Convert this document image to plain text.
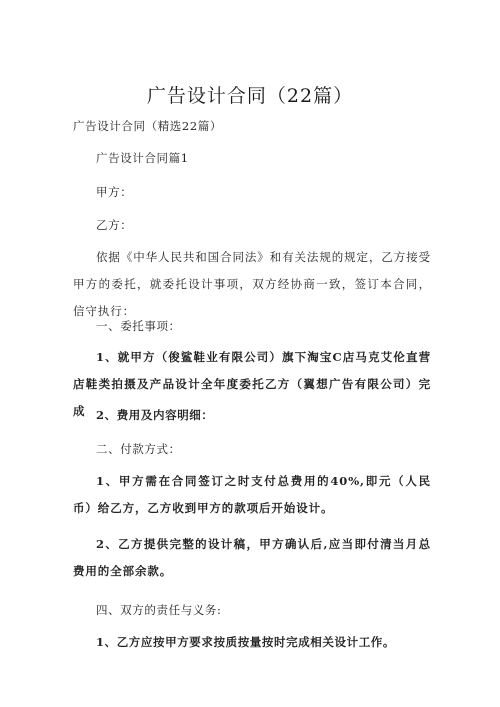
广告设计合同（22篇）
广告设计合同（精选22篇）
广告设计合同篇1
甲方：
乙方：
依据《中华人民共和国合同法》和有关法规的规定，乙方接受甲方的委托，就委托设计事项，双方经协商一致，签订本合同，信守执行：
一、委托事项：
1、就甲方（俊鲨鞋业有限公司）旗下淘宝C店马克艾伦直营店鞋类拍摄及产品设计全年度委托乙方（翼想广告有限公司）完成 2、费用及内容明细：
二、付款方式：
1、甲方需在合同签订之时支付总费用的40%,即元（人民币）给乙方，乙方收到甲方的款项后开始设计。
2、乙方提供完整的设计稿，甲方确认后,应当即付清当月总费用的全部余款。
四、双方的责任与义务:
1、乙方应按甲方要求按质按量按时完成相关设计工作。
